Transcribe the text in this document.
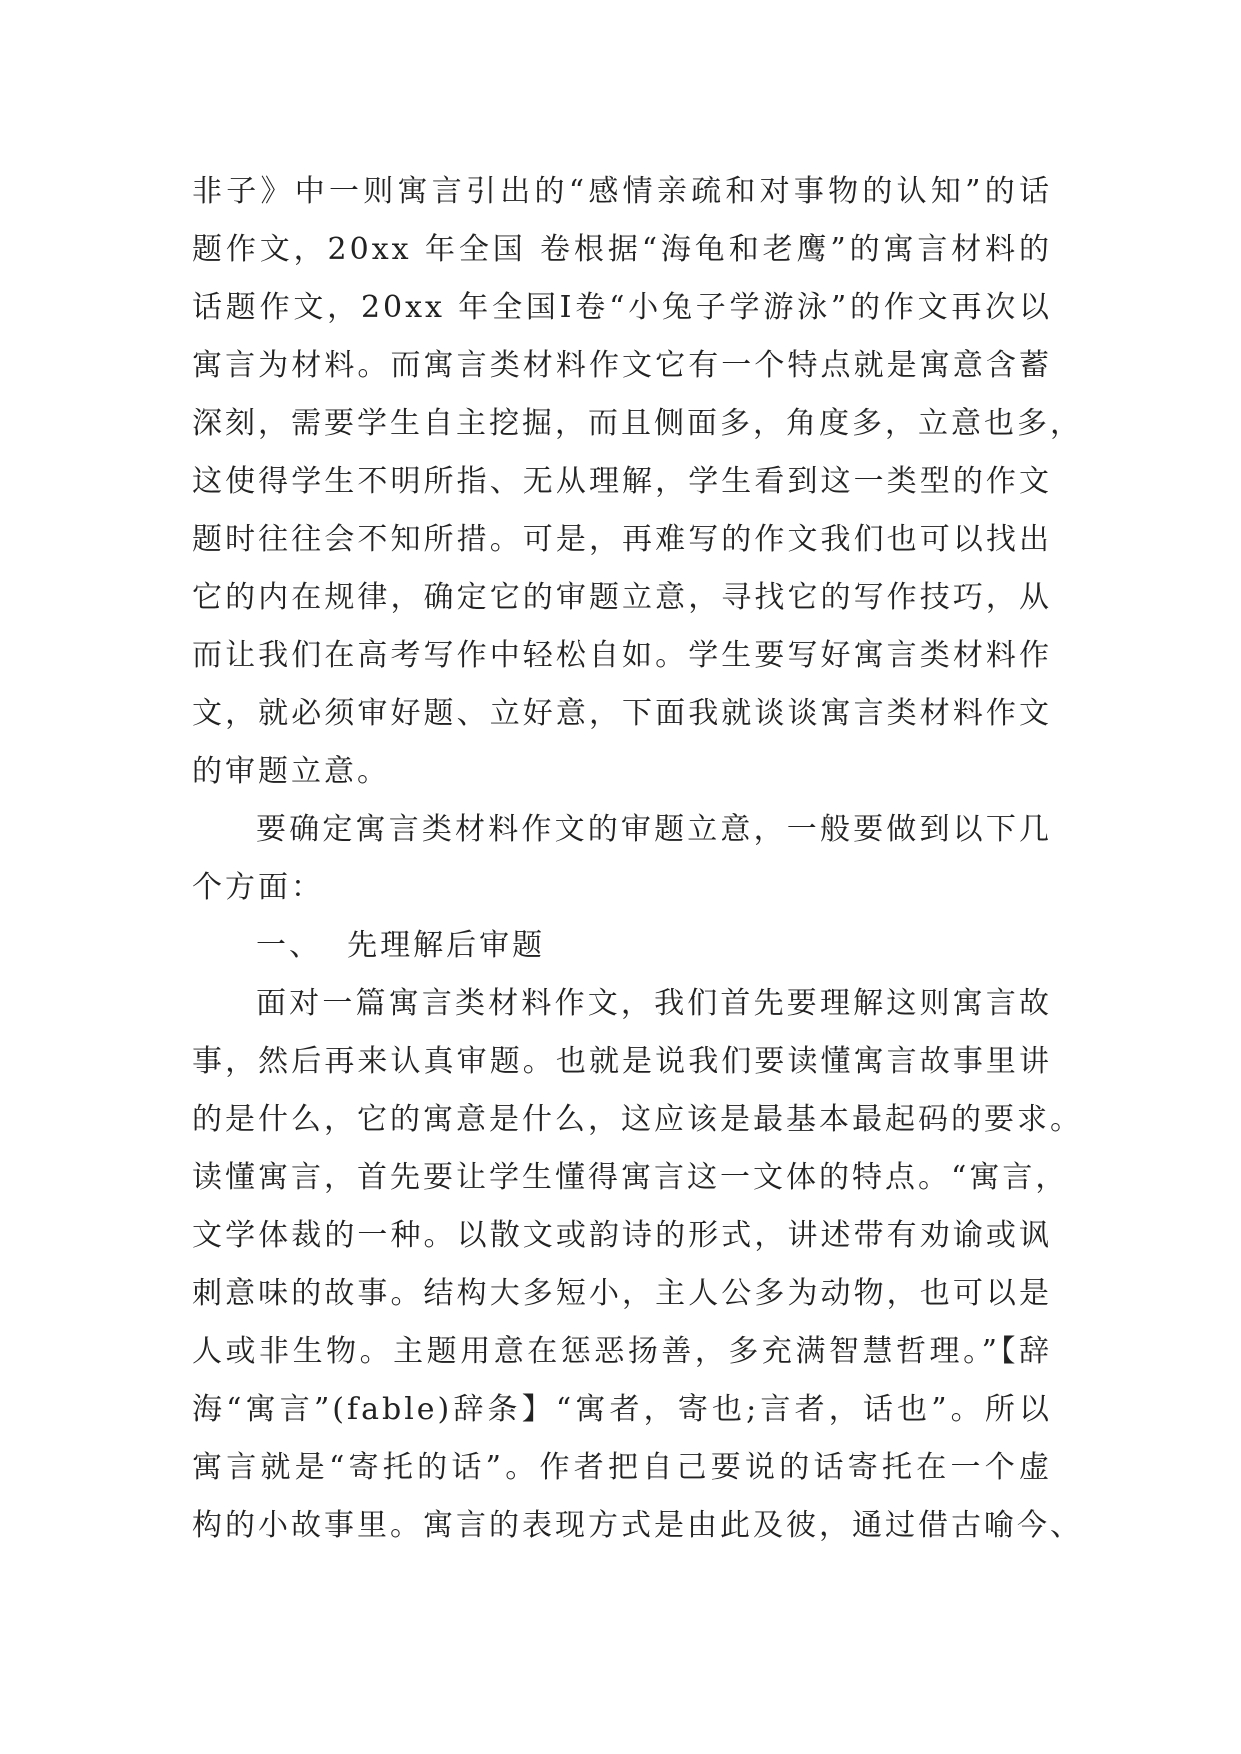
非子》中一则寓言引出的“感情亲疏和对事物的认知”的话
题作文，20xx 年全国 卷根据“海龟和老鹰”的寓言材料的
话题作文，20xx 年全国Ⅰ卷“小兔子学游泳”的作文再次以
寓言为材料。而寓言类材料作文它有一个特点就是寓意含蓄
深刻，需要学生自主挖掘，而且侧面多，角度多，立意也多，
这使得学生不明所指、无从理解，学生看到这一类型的作文
题时往往会不知所措。可是，再难写的作文我们也可以找出
它的内在规律，确定它的审题立意，寻找它的写作技巧，从
而让我们在高考写作中轻松自如。学生要写好寓言类材料作
文，就必须审好题、立好意，下面我就谈谈寓言类材料作文
的审题立意。
要确定寓言类材料作文的审题立意，一般要做到以下几
个方面：
一、  先理解后审题
面对一篇寓言类材料作文，我们首先要理解这则寓言故
事，然后再来认真审题。也就是说我们要读懂寓言故事里讲
的是什么，它的寓意是什么，这应该是最基本最起码的要求。
读懂寓言，首先要让学生懂得寓言这一文体的特点。“寓言，
文学体裁的一种。以散文或韵诗的形式，讲述带有劝谕或讽
刺意味的故事。结构大多短小，主人公多为动物，也可以是
人或非生物。主题用意在惩恶扬善，多充满智慧哲理。”【辞
海“寓言”(fable)辞条】“寓者，寄也;言者，话也”。所以
寓言就是“寄托的话”。作者把自己要说的话寄托在一个虚
构的小故事里。寓言的表现方式是由此及彼，通过借古喻今、
